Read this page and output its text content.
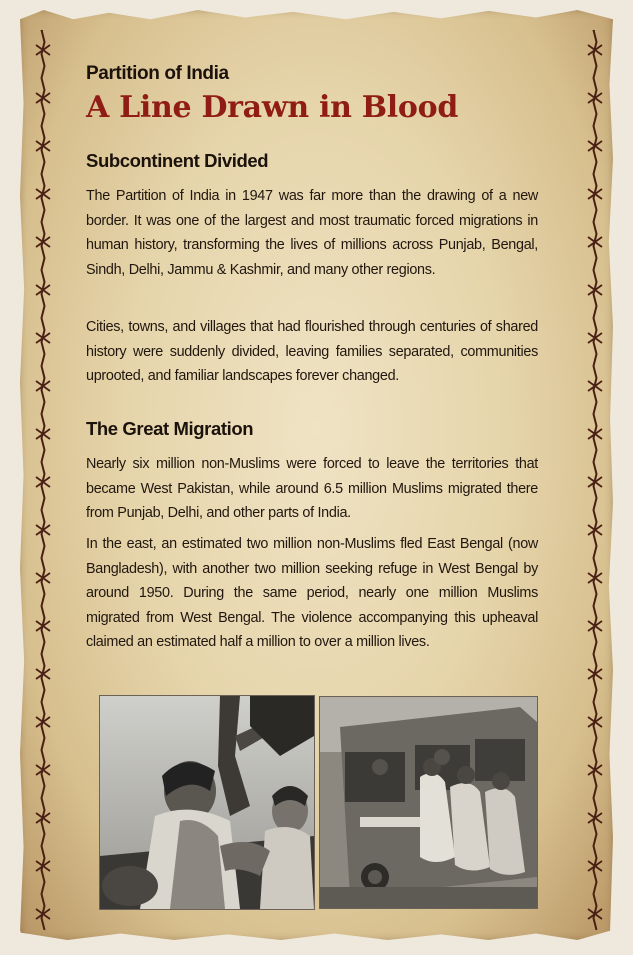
Partition of India
A Line Drawn in Blood
Subcontinent Divided
The Partition of India in 1947 was far more than the drawing of a new border. It was one of the largest and most traumatic forced migrations in human history, transforming the lives of millions across Punjab, Bengal, Sindh, Delhi, Jammu & Kashmir, and many other regions.
Cities, towns, and villages that had flourished through centuries of shared history were suddenly divided, leaving families separated, communities uprooted, and familiar landscapes forever changed.
The Great Migration
Nearly six million non-Muslims were forced to leave the territories that became West Pakistan, while around 6.5 million Muslims migrated there from Punjab, Delhi, and other parts of India.
In the east, an estimated two million non-Muslims fled East Bengal (now Bangladesh), with another two million seeking refuge in West Bengal by around 1950. During the same period, nearly one million Muslims migrated from West Bengal. The violence accompanying this upheaval claimed an estimated half a million to over a million lives.
